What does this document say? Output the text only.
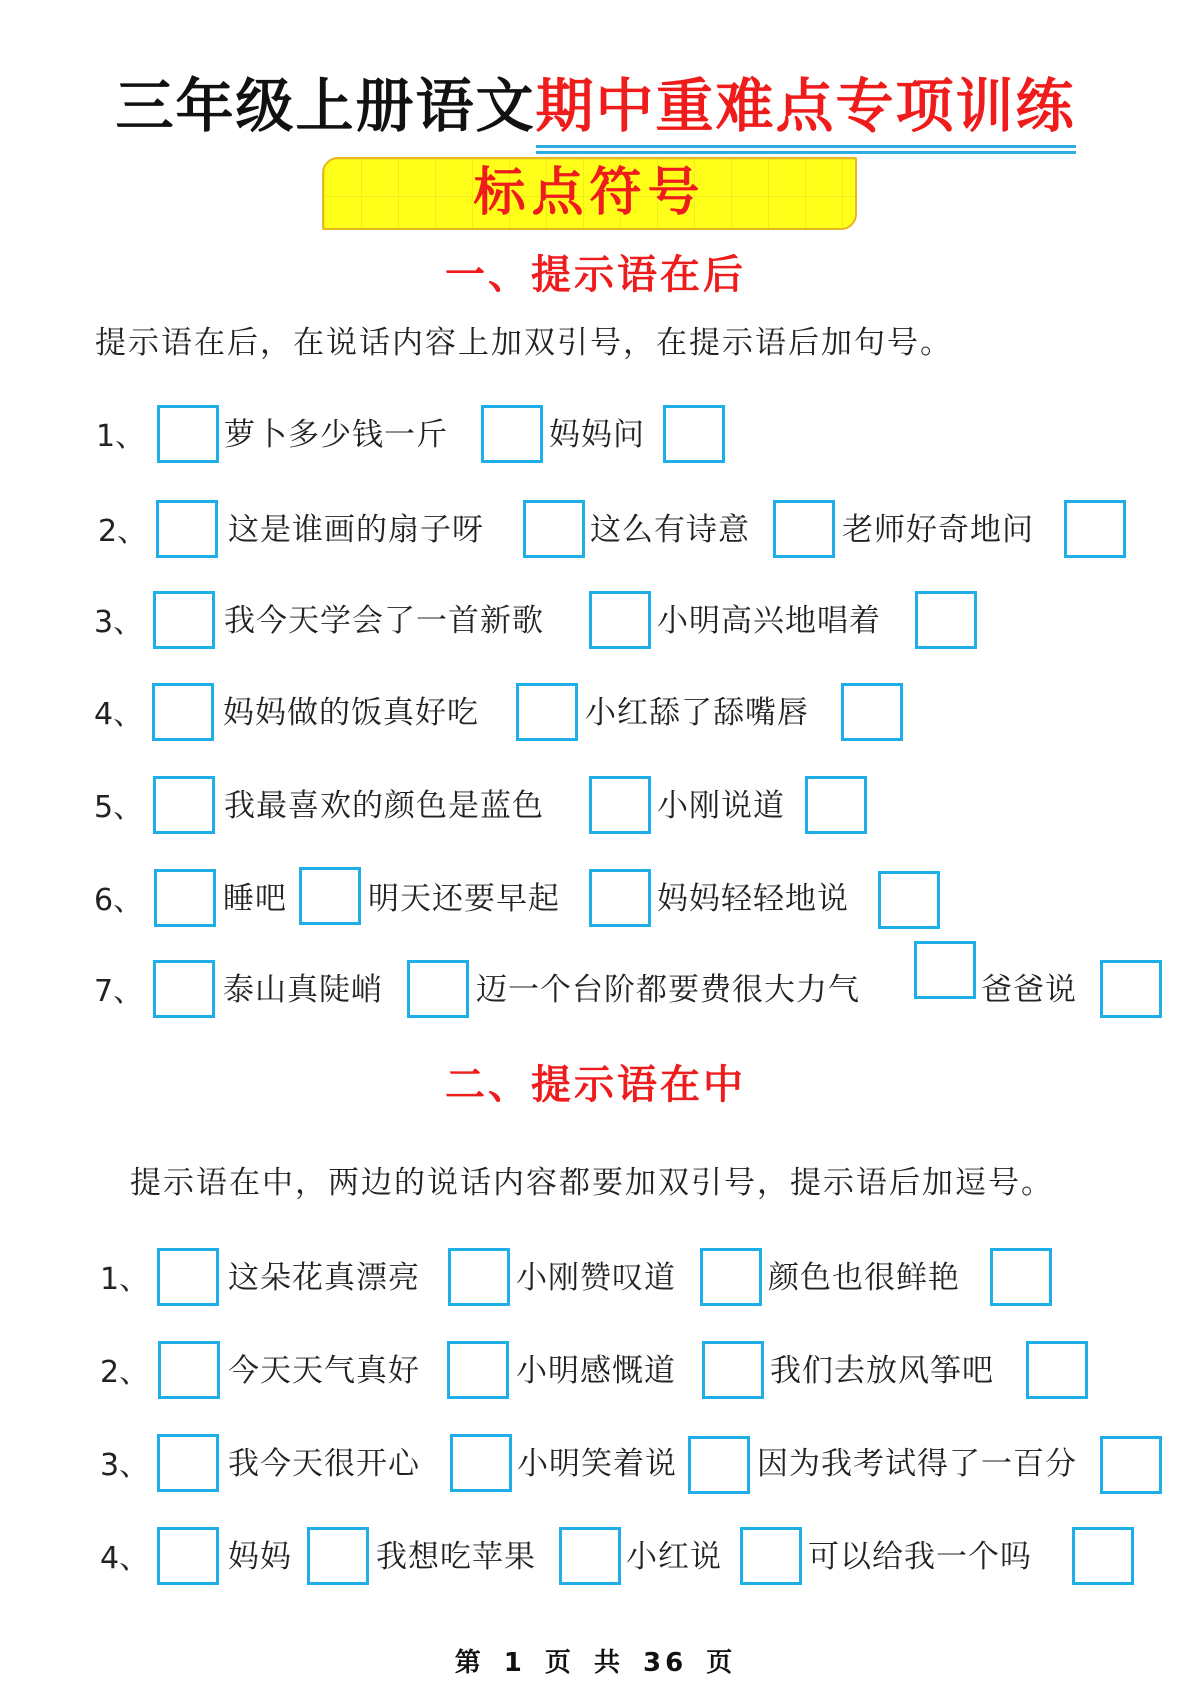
三年级上册语文期中重难点专项训练
标点符号
一、提示语在后
提示语在后，在说话内容上加双引号，在提示语后加句号。
1、	萝卜多少钱一斤	妈妈问
2、	这是谁画的扇子呀	这么有诗意	老师好奇地问
3、	我今天学会了一首新歌	小明高兴地唱着
4、	妈妈做的饭真好吃	小红舔了舔嘴唇
5、	我最喜欢的颜色是蓝色	小刚说道
6、	睡吧	明天还要早起	妈妈轻轻地说
7、	泰山真陡峭	迈一个台阶都要费很大力气	爸爸说
二、提示语在中
提示语在中，两边的说话内容都要加双引号，提示语后加逗号。
1、	这朵花真漂亮	小刚赞叹道	颜色也很鲜艳
2、	今天天气真好	小明感慨道	我们去放风筝吧
3、	我今天很开心	小明笑着说	因为我考试得了一百分
4、	妈妈	我想吃苹果	小红说	可以给我一个吗
第 1 页 共 36 页
